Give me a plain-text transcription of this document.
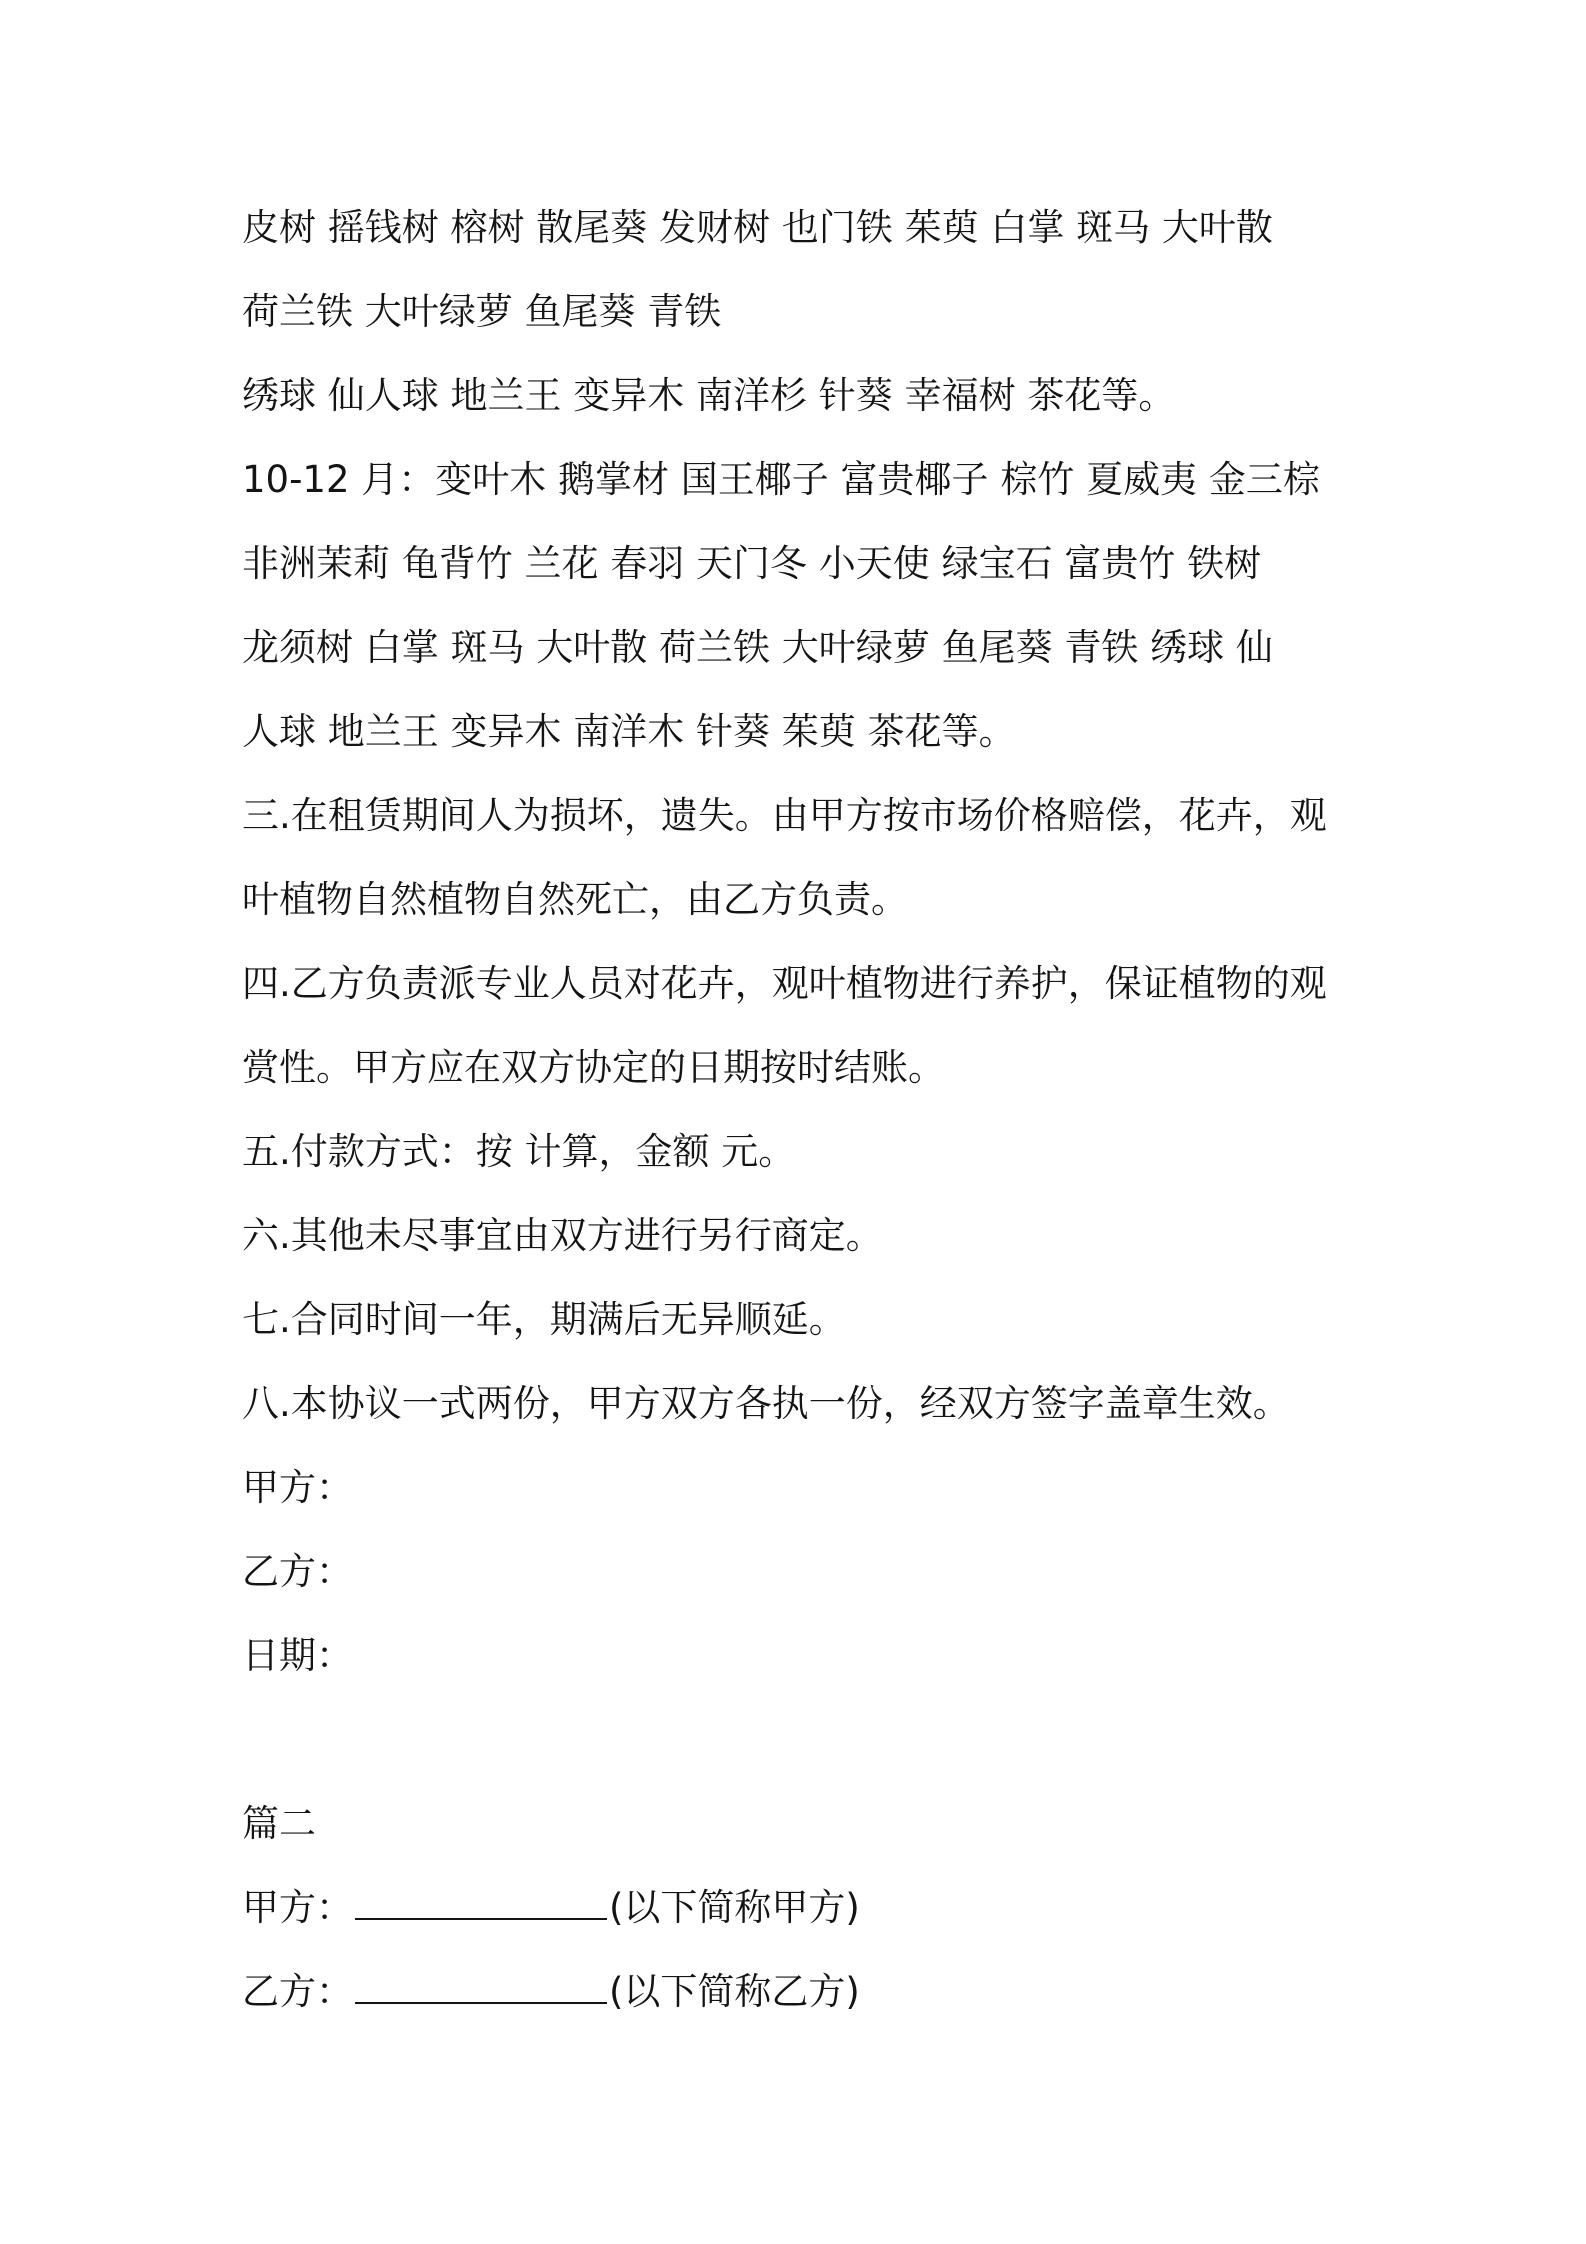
皮树 摇钱树 榕树 散尾葵 发财树 也门铁 茱萸 白掌 斑马 大叶散

荷兰铁 大叶绿萝 鱼尾葵 青铁

绣球 仙人球 地兰王 变异木 南洋杉 针葵 幸福树 茶花等。

10-12 月：变叶木 鹅掌材 国王椰子 富贵椰子 棕竹 夏威夷 金三棕

非洲茉莉 龟背竹 兰花 春羽 天门冬 小天使 绿宝石 富贵竹 铁树

龙须树 白掌 斑马 大叶散 荷兰铁 大叶绿萝 鱼尾葵 青铁 绣球 仙

人球 地兰王 变异木 南洋木 针葵 茱萸 茶花等。

三.在租赁期间人为损坏，遗失。由甲方按市场价格赔偿，花卉，观

叶植物自然植物自然死亡，由乙方负责。

四.乙方负责派专业人员对花卉，观叶植物进行养护，保证植物的观

赏性。甲方应在双方协定的日期按时结账。

五.付款方式：按 计算，金额 元。

六.其他未尽事宜由双方进行另行商定。

七.合同时间一年，期满后无异顺延。

八.本协议一式两份，甲方双方各执一份，经双方签字盖章生效。

甲方：

乙方：

日期：

篇二

甲方：	(以下简称甲方)

乙方：	(以下简称乙方)
